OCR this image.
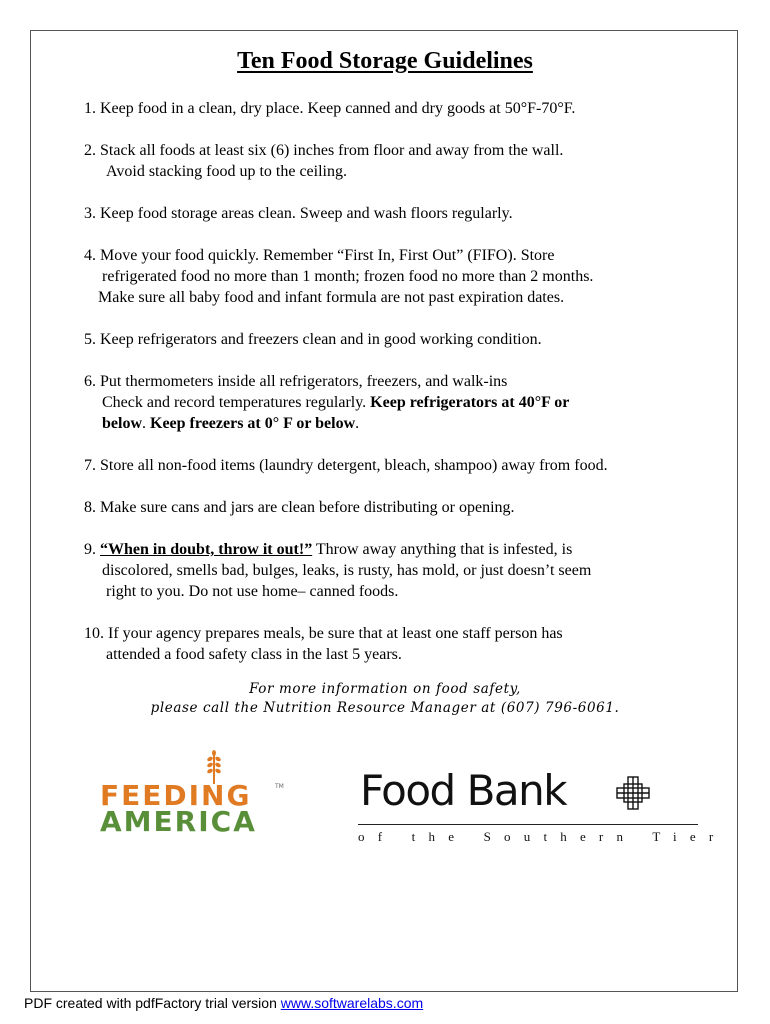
Ten Food Storage Guidelines
1. Keep food in a clean, dry place. Keep canned and dry goods at 50°F-70°F.
2. Stack all foods at least six (6) inches from floor and away from the wall.
Avoid stacking food up to the ceiling.
3. Keep food storage areas clean. Sweep and wash floors regularly.
4. Move your food quickly. Remember “First In, First Out” (FIFO). Store
refrigerated food no more than 1 month; frozen food no more than 2 months.
Make sure all baby food and infant formula are not past expiration dates.
5. Keep refrigerators and freezers clean and in good working condition.
6. Put thermometers inside all refrigerators, freezers, and walk-ins
Check and record temperatures regularly. Keep refrigerators at 40°F or
below. Keep freezers at 0° F or below.
7. Store all non-food items (laundry detergent, bleach, shampoo) away from food.
8. Make sure cans and jars are clean before distributing or opening.
9. “When in doubt, throw it out!” Throw away anything that is infested, is
discolored, smells bad, bulges, leaks, is rusty, has mold, or just doesn’t seem
right to you. Do not use home– canned foods.
10. If your agency prepares meals, be sure that at least one staff person has
attended a food safety class in the last 5 years.
For more information on food safety,
please call the Nutrition Resource Manager at (607) 796-6061.
FEEDING	TM
AMERICA
Food Bank
of the Southern Tier
PDF created with pdfFactory trial version www.softwarelabs.com
